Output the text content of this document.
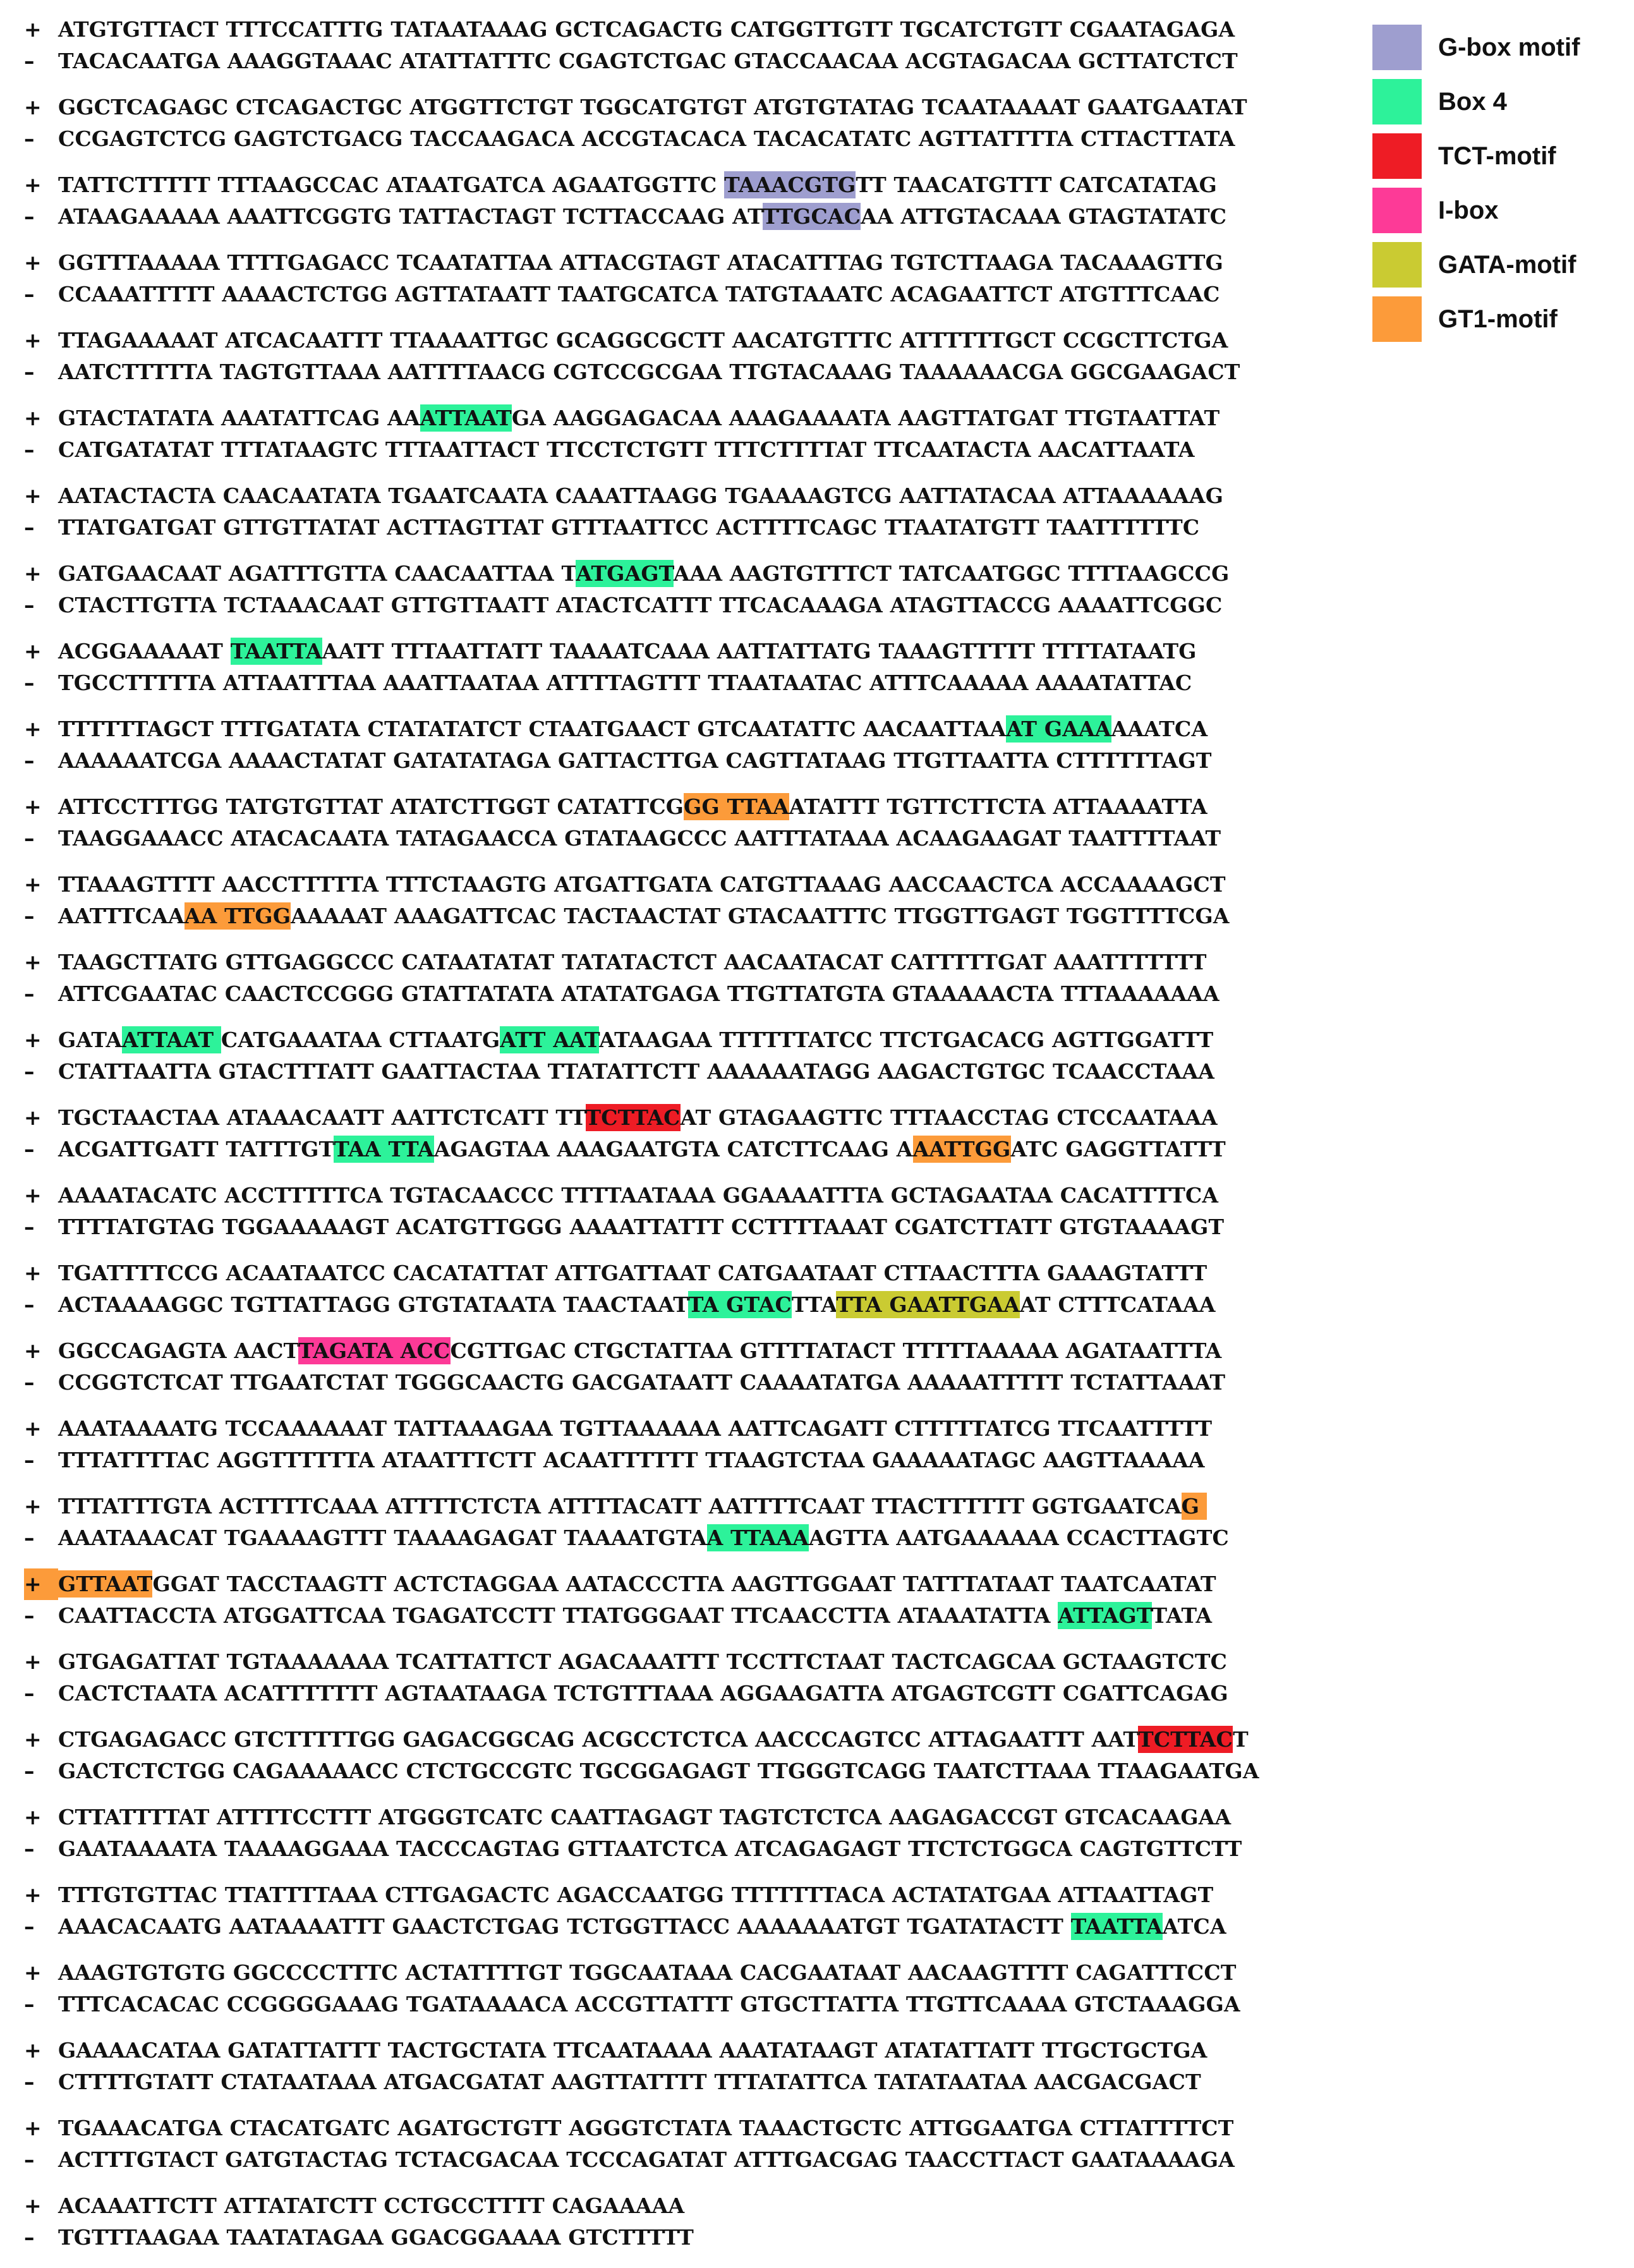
+ ATGTGTTACT TTTCCATTTG TATAATAAAG GCTCAGACTG CATGGTTGTT TGCATCTGTT CGAATAGAGA
–	TACACAATGA AAAGGTAAAC ATATTATTTC CGAGTCTGAC GTACCAACAA ACGTAGACAA GCTTATCTCT
+ GGCTCAGAGC CTCAGACTGC ATGGTTCTGT TGGCATGTGT ATGTGTATAG TCAATAAAAT GAATGAATAT
–	CCGAGTCTCG GAGTCTGACG TACCAAGACA ACCGTACACA TACACATATC AGTTATTTTA CTTACTTATA
+ TATTCTTTTT TTTAAGCCAC ATAATGATCA AGAATGGTTC TAAACGTGTT TAACATGTTT CATCATATAG
–	ATAAGAAAAA AAATTCGGTG TATTACTAGT TCTTACCAAG ATTTGCACAA ATTGTACAAA GTAGTATATC
+ GGTTTAAAAA TTTTGAGACC TCAATATTAA ATTACGTAGT ATACATTTAG TGTCTTAAGA TACAAAGTTG
–	CCAAATTTTT AAAACTCTGG AGTTATAATT TAATGCATCA TATGTAAATC ACAGAATTCT ATGTTTCAAC
+ TTAGAAAAAT ATCACAATTT TTAAAATTGC GCAGGCGCTT AACATGTTTC ATTTTTTGCT CCGCTTCTGA
–	AATCTTTTTA TAGTGTTAAA AATTTTAACG CGTCCGCGAA TTGTACAAAG TAAAAAACGA GGCGAAGACT
+ GTACTATATA AAATATTCAG AAATTAATGA AAGGAGACAA AAAGAAAATA AAGTTATGAT TTGTAATTAT
–	CATGATATAT TTTATAAGTC TTTAATTACT TTCCTCTGTT TTTCTTTTAT TTCAATACTA AACATTAATA
+ AATACTACTA CAACAATATA TGAATCAATA CAAATTAAGG TGAAAAGTCG AATTATACAA ATTAAAAAAG
–	TTATGATGAT GTTGTTATAT ACTTAGTTAT GTTTAATTCC ACTTTTCAGC TTAATATGTT TAATTTTTTC
+ GATGAACAAT AGATTTGTTA CAACAATTAA TATGAGTAAA AAGTGTTTCT TATCAATGGC TTTTAAGCCG
–	CTACTTGTTA TCTAAACAAT GTTGTTAATT ATACTCATTT TTCACAAAGA ATAGTTACCG AAAATTCGGC
+ ACGGAAAAAT TAATTAAATT TTTAATTATT TAAAATCAAA AATTATTATG TAAAGTTTTT TTTTATAATG
–	TGCCTTTTTA ATTAATTTAA AAATTAATAA ATTTTAGTTT TTAATAATAC ATTTCAAAAA AAAATATTAC
+ TTTTTTAGCT TTTGATATA CTATATATCT CTAATGAACT GTCAATATTC AACAATTAAAT GAAAAAATCA
–	AAAAAATCGA AAAACTATAT GATATATAGA GATTACTTGA CAGTTATAAG TTGTTAATTA CTTTTTTAGT
+ ATTCCTTTGG TATGTGTTAT ATATCTTGGT CATATTCGGG TTAAATATTT TGTTCTTCTA ATTAAAATTA
–	TAAGGAAACC ATACACAATA TATAGAACCA GTATAAGCCC AATTTATAAA ACAAGAAGAT TAATTTTAAT
+ TTAAAGTTTT AACCTTTTTA TTTCTAAGTG ATGATTGATA CATGTTAAAG AACCAACTCA ACCAAAAGCT
–	AATTTCAAAA TTGGAAAAAT AAAGATTCAC TACTAACTAT GTACAATTTC TTGGTTGAGT TGGTTTTCGA
+ TAAGCTTATG GTTGAGGCCC CATAATATAT TATATACTCT AACAATACAT CATTTTTGAT AAATTTTTTT
–	ATTCGAATAC CAACTCCGGG GTATTATATA ATATATGAGA TTGTTATGTA GTAAAAACTA TTTAAAAAAA
+ GATAATTAAT CATGAAATAA CTTAATGATT AATATAAGAA TTTTTTATCC TTCTGACACG AGTTGGATTT
–	CTATTAATTA GTACTTTATT GAATTACTAA TTATATTCTT AAAAAATAGG AAGACTGTGC TCAACCTAAA
+ TGCTAACTAA ATAAACAATT AATTCTCATT TTTCTTACAT GTAGAAGTTC TTTAACCTAG CTCCAATAAA
–	ACGATTGATT TATTTGTTAA TTAAGAGTAA AAAGAATGTA CATCTTCAAG AAATTGGATC GAGGTTATTT
+ AAAATACATC ACCTTTTTCA TGTACAACCC TTTTAATAAA GGAAAATTTA GCTAGAATAA CACATTTTCA
–	TTTTATGTAG TGGAAAAAGT ACATGTTGGG AAAATTATTT CCTTTTAAAT CGATCTTATT GTGTAAAAGT
+ TGATTTTCCG ACAATAATCC CACATATTAT ATTGATTAAT CATGAATAAT CTTAACTTTA GAAAGTATTT
–	ACTAAAAGGC TGTTATTAGG GTGTATAATA TAACTAATTA GTACTTATTA GAATTGAAAT CTTTCATAAA
+ GGCCAGAGTA AACTTAGATA ACCCGTTGAC CTGCTATTAA GTTTTATACT TTTTTAAAAA AGATAATTTA
–	CCGGTCTCAT TTGAATCTAT TGGGCAACTG GACGATAATT CAAAATATGA AAAAATTTTT TCTATTAAAT
+ AAATAAAATG TCCAAAAAAT TATTAAAGAA TGTTAAAAAA AATTCAGATT CTTTTTATCG TTCAATTTTT
–	TTTATTTTAC AGGTTTTTTA ATAATTTCTT ACAATTTTTT TTAAGTCTAA GAAAAATAGC AAGTTAAAAA
+ TTTATTTGTA ACTTTTCAAA ATTTTCTCTA ATTTTACATT AATTTTCAAT TTACTTTTTT GGTGAATCAG
–	AAATAAACAT TGAAAAGTTT TAAAAGAGAT TAAAATGTAA TTAAAAGTTA AATGAAAAAA CCACTTAGTC
+ GTTAATGGAT TACCTAAGTT ACTCTAGGAA AATACCCTTA AAGTTGGAAT TATTTATAAT TAATCAATAT
–	CAATTACCTA ATGGATTCAA TGAGATCCTT TTATGGGAAT TTCAACCTTA ATAAATATTA ATTAGTTATA
+ GTGAGATTAT TGTAAAAAAA TCATTATTCT AGACAAATTT TCCTTCTAAT TACTCAGCAA GCTAAGTCTC
–	CACTCTAATA ACATTTTTTT AGTAATAAGA TCTGTTTAAA AGGAAGATTA ATGAGTCGTT CGATTCAGAG
+ CTGAGAGACC GTCTTTTTGG GAGACGGCAG ACGCCTCTCA AACCCAGTCC ATTAGAATTT AATTCTTACT
–	GACTCTCTGG CAGAAAAACC CTCTGCCGTC TGCGGAGAGT TTGGGTCAGG TAATCTTAAA TTAAGAATGA
+ CTTATTTTAT ATTTTCCTTT ATGGGTCATC CAATTAGAGT TAGTCTCTCA AAGAGACCGT GTCACAAGAA
–	GAATAAAATA TAAAAGGAAA TACCCAGTAG GTTAATCTCA ATCAGAGAGT TTCTCTGGCA CAGTGTTCTT
+ TTTGTGTTAC TTATTTTAAA CTTGAGACTC AGACCAATGG TTTTTTTACA ACTATATGAA ATTAATTAGT
–	AAACACAATG AATAAAATTT GAACTCTGAG TCTGGTTACC AAAAAAATGT TGATATACTT TAATTAATCA
+ AAAGTGTGTG GGCCCCTTTC ACTATTTTGT TGGCAATAAA CACGAATAAT AACAAGTTTT CAGATTTCCT
–	TTTCACACAC CCGGGGAAAG TGATAAAACA ACCGTTATTT GTGCTTATTA TTGTTCAAAA GTCTAAAGGA
+ GAAAACATAA GATATTATTT TACTGCTATA TTCAATAAAA AAATATAAGT ATATATTATT TTGCTGCTGA
–	CTTTTGTATT CTATAATAAA ATGACGATAT AAGTTATTTT TTTATATTCA TATATAATAA AACGACGACT
+ TGAAACATGA CTACATGATC AGATGCTGTT AGGGTCTATA TAAACTGCTC ATTGGAATGA CTTATTTTCT
–	ACTTTGTACT GATGTACTAG TCTACGACAA TCCCAGATAT ATTTGACGAG TAACCTTACT GAATAAAAGA
+ ACAAATTCTT ATTATATCTT CCTGCCTTTT CAGAAAAA
–	TGTTTAAGAA TAATATAGAA GGACGGAAAA GTCTTTTT
G-box motif
Box 4
TCT-motif
I-box
GATA-motif
GT1-motif
